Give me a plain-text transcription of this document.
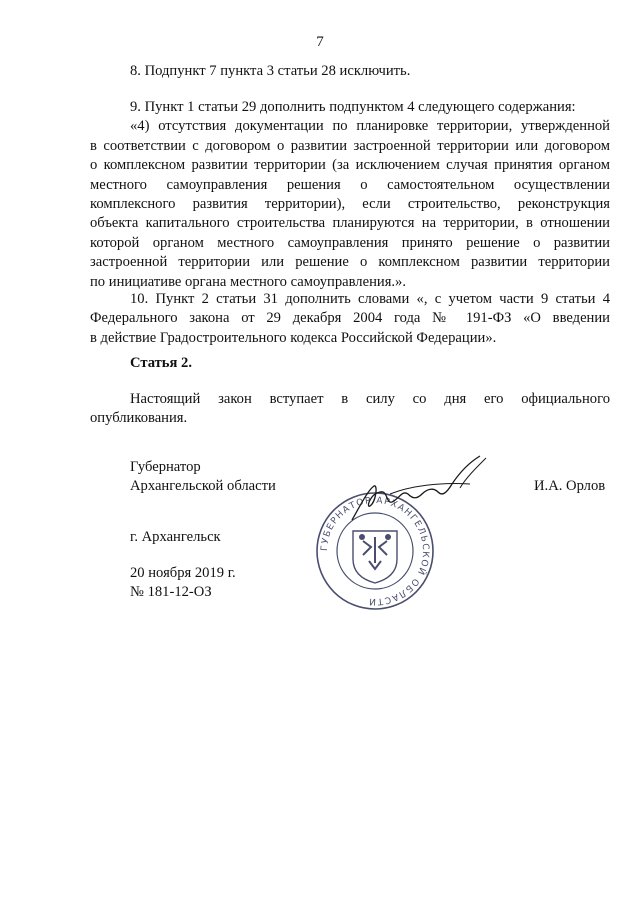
7
8. Подпункт 7 пункта 3 статьи 28 исключить.
9. Пункт 1 статьи 29 дополнить подпунктом 4 следующего содержания:
«4) отсутствия документации по планировке территории, утвержденной
в соответствии с договором о развитии застроенной территории или договором
о комплексном развитии территории (за исключением случая принятия органом
местного самоуправления решения о самостоятельном осуществлении
комплексного развития территории), если строительство, реконструкция
объекта капитального строительства планируются на территории, в отношении
которой органом местного самоуправления принято решение о развитии
застроенной территории или решение о комплексном развитии территории
по инициативе органа местного самоуправления.».
10. Пункт 2 статьи 31 дополнить словами «, с учетом части 9 статьи 4
Федерального закона от 29 декабря 2004 года № 191-ФЗ «О введении
в действие Градостроительного кодекса Российской Федерации».
Статья 2.
Настоящий закон вступает в силу со дня его официального
опубликования.
Губернатор
Архангельской области	И.А. Орлов
г. Архангельск
20 ноября 2019 г.
№ 181-12-ОЗ
ГУБЕРНАТОР АРХАНГЕЛЬСКОЙ ОБЛАСТИ
